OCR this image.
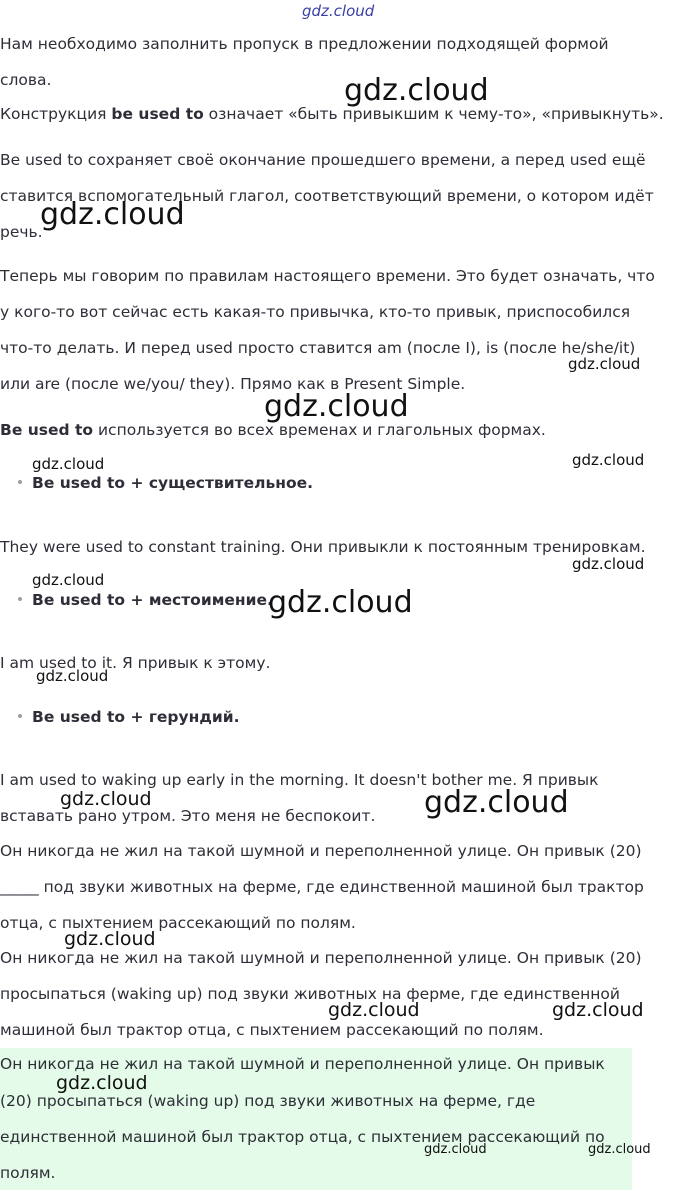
gdz.cloud

Нам необходимо заполнить пропуск в предложении подходящей формой

слова.

Конструкция be used to означает «быть привыкшим к чему-то», «привыкнуть».

Be used to сохраняет своё окончание прошедшего времени, а перед used ещё

ставится вспомогательный глагол, соответствующий времени, о котором идёт

речь.

Теперь мы говорим по правилам настоящего времени. Это будет означать, что

у кого-то вот сейчас есть какая-то привычка, кто-то привык, приспособился

что-то делать. И перед used просто ставится am (после I), is (после he/she/it)

или are (после we/you/ they). Прямо как в Present Simple.

Be used to используется во всех временах и глагольных формах.

Be used to + существительное.

They were used to constant training. Они привыкли к постоянным тренировкам.

Be used to + местоимение.

I am used to it. Я привык к этому.

Be used to + герундий.

I am used to waking up early in the morning. It doesn't bother me. Я привык

вставать рано утром. Это меня не беспокоит.

Он никогда не жил на такой шумной и переполненной улице. Он привык (20)

_____ под звуки животных на ферме, где единственной машиной был трактор

отца, с пыхтением рассекающий по полям.

Он никогда не жил на такой шумной и переполненной улице. Он привык (20)

просыпаться (waking up) под звуки животных на ферме, где единственной

машиной был трактор отца, с пыхтением рассекающий по полям.

Он никогда не жил на такой шумной и переполненной улице. Он привык

(20) просыпаться (waking up) под звуки животных на ферме, где

единственной машиной был трактор отца, с пыхтением рассекающий по

полям.

gdz.cloud
gdz.cloud
gdz.cloud
gdz.cloud
gdz.cloud	gdz.cloud
gdz.cloud
gdz.cloud
gdz.cloud
gdz.cloud
gdz.cloud	gdz.cloud
gdz.cloud
gdz.cloud	gdz.cloud
gdz.cloud
gdz.cloud	gdz.cloud
